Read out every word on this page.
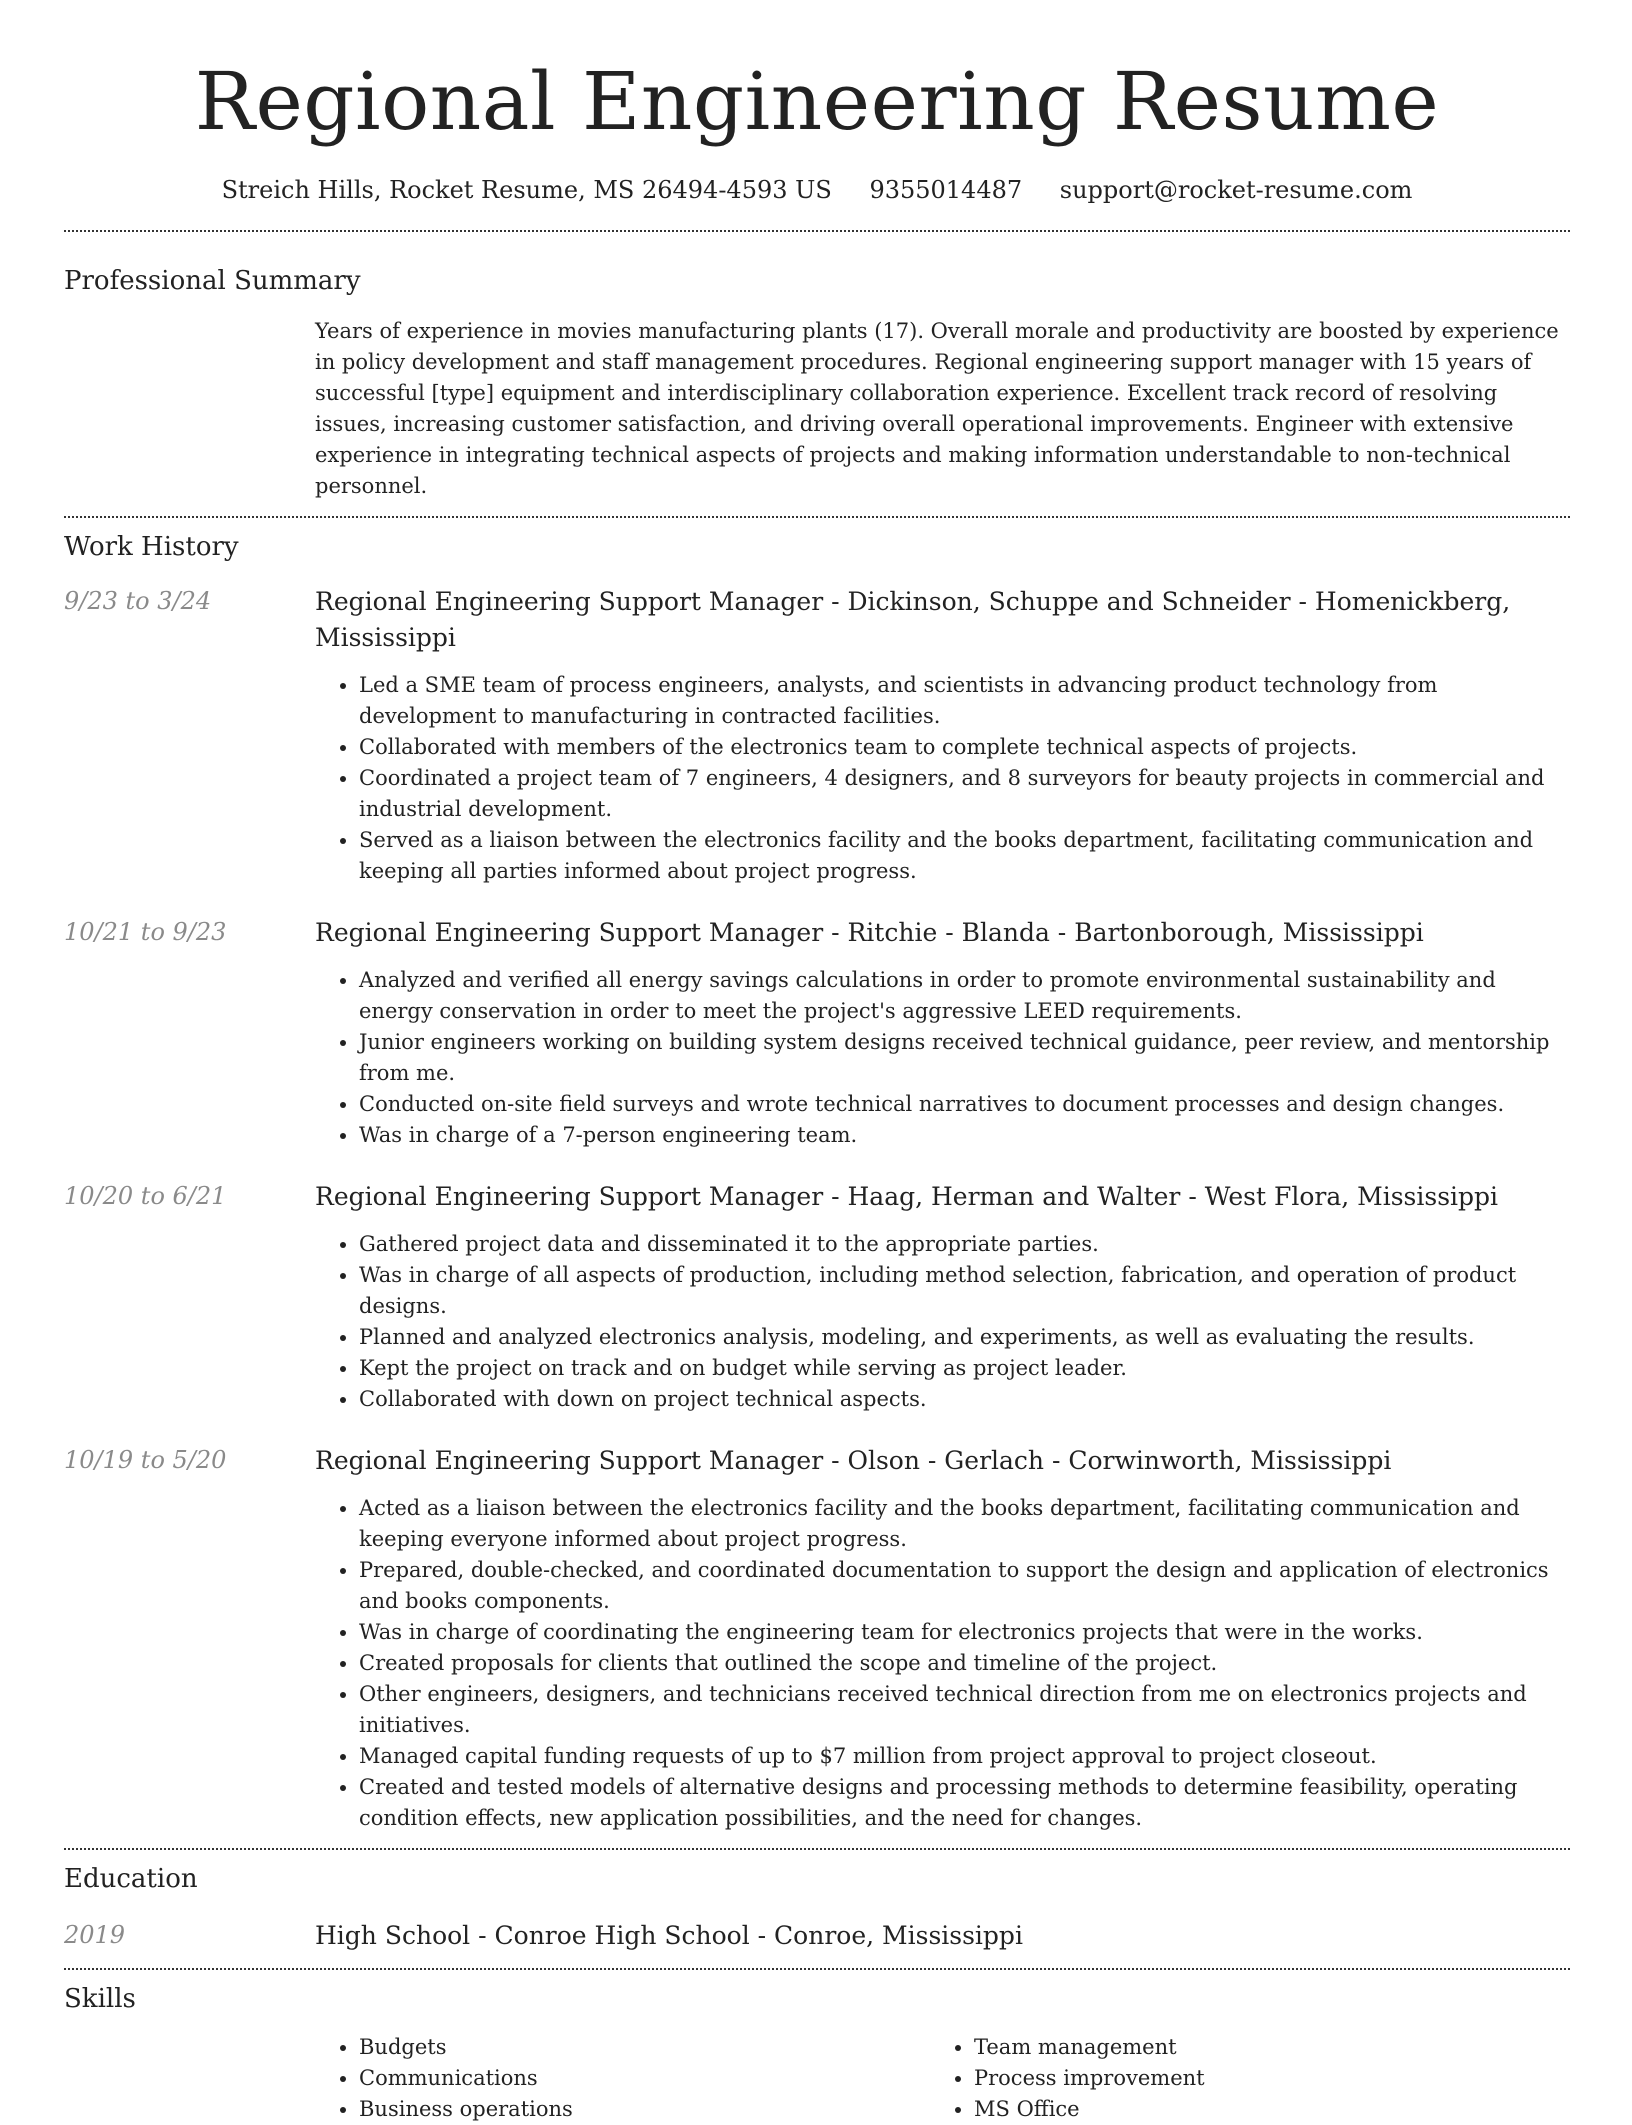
Regional Engineering Resume
Streich Hills, Rocket Resume, MS 26494-4593 US 9355014487 support@rocket-resume.com
Professional Summary
Years of experience in movies manufacturing plants (17). Overall morale and productivity are boosted by experience in policy development and staff management procedures. Regional engineering support manager with 15 years of successful [type] equipment and interdisciplinary collaboration experience. Excellent track record of resolving issues, increasing customer satisfaction, and driving overall operational improvements. Engineer with extensive experience in integrating technical aspects of projects and making information understandable to non-technical personnel.
Work History
9/23 to 3/24	Regional Engineering Support Manager - Dickinson, Schuppe and Schneider - Homenickberg, Mississippi
• Led a SME team of process engineers, analysts, and scientists in advancing product technology from development to manufacturing in contracted facilities.
• Collaborated with members of the electronics team to complete technical aspects of projects.
• Coordinated a project team of 7 engineers, 4 designers, and 8 surveyors for beauty projects in commercial and industrial development.
• Served as a liaison between the electronics facility and the books department, facilitating communication and keeping all parties informed about project progress.
10/21 to 9/23	Regional Engineering Support Manager - Ritchie - Blanda - Bartonborough, Mississippi
• Analyzed and verified all energy savings calculations in order to promote environmental sustainability and energy conservation in order to meet the project's aggressive LEED requirements.
• Junior engineers working on building system designs received technical guidance, peer review, and mentorship from me.
• Conducted on-site field surveys and wrote technical narratives to document processes and design changes.
• Was in charge of a 7-person engineering team.
10/20 to 6/21	Regional Engineering Support Manager - Haag, Herman and Walter - West Flora, Mississippi
• Gathered project data and disseminated it to the appropriate parties.
• Was in charge of all aspects of production, including method selection, fabrication, and operation of product designs.
• Planned and analyzed electronics analysis, modeling, and experiments, as well as evaluating the results.
• Kept the project on track and on budget while serving as project leader.
• Collaborated with down on project technical aspects.
10/19 to 5/20	Regional Engineering Support Manager - Olson - Gerlach - Corwinworth, Mississippi
• Acted as a liaison between the electronics facility and the books department, facilitating communication and keeping everyone informed about project progress.
• Prepared, double-checked, and coordinated documentation to support the design and application of electronics and books components.
• Was in charge of coordinating the engineering team for electronics projects that were in the works.
• Created proposals for clients that outlined the scope and timeline of the project.
• Other engineers, designers, and technicians received technical direction from me on electronics projects and initiatives.
• Managed capital funding requests of up to $7 million from project approval to project closeout.
• Created and tested models of alternative designs and processing methods to determine feasibility, operating condition effects, new application possibilities, and the need for changes.
Education
2019	High School - Conroe High School - Conroe, Mississippi
Skills
• Budgets
• Communications
• Business operations
• Team management
• Process improvement
• MS Office
